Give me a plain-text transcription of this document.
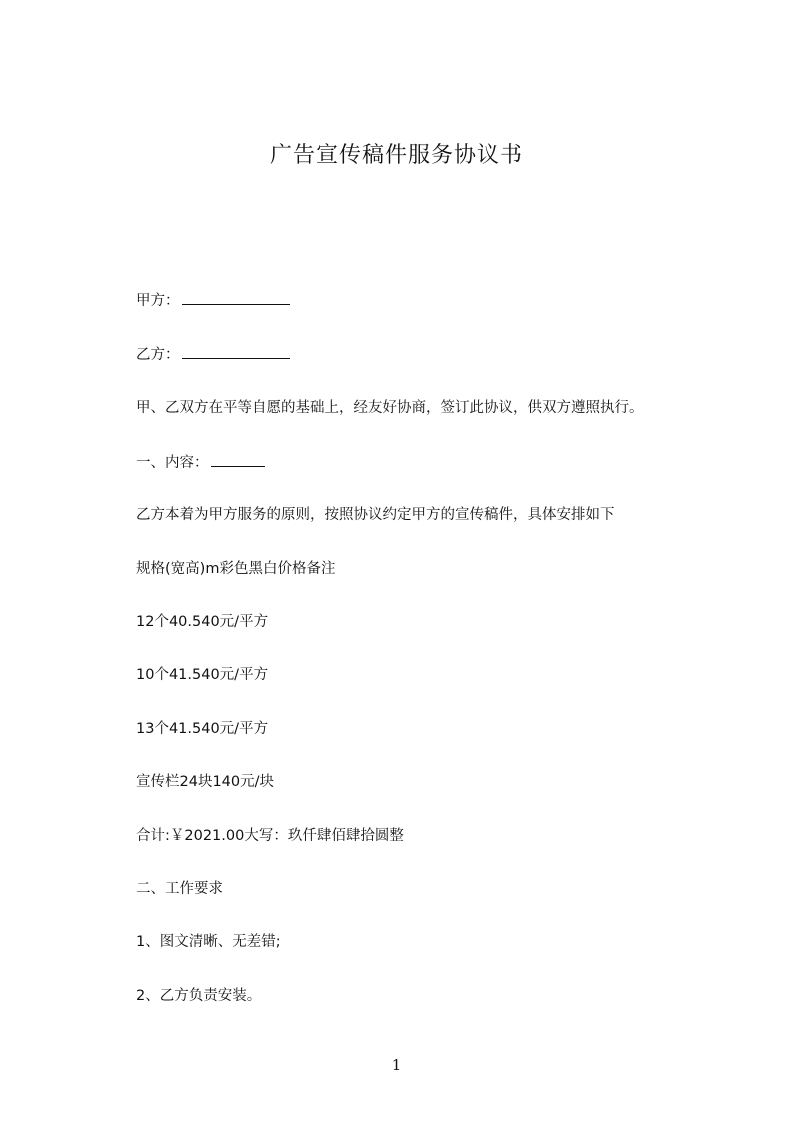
广告宣传稿件服务协议书
甲方：
乙方：
甲、乙双方在平等自愿的基础上，经友好协商，签订此协议，供双方遵照执行。
一、内容：
乙方本着为甲方服务的原则，按照协议约定甲方的宣传稿件，具体安排如下
规格(宽高)m彩色黑白价格备注
12个40.540元/平方
10个41.540元/平方
13个41.540元/平方
宣传栏24块140元/块
合计:￥2021.00大写：玖仟肆佰肆拾圆整
二、工作要求
1、图文清晰、无差错;
2、乙方负责安装。
1
